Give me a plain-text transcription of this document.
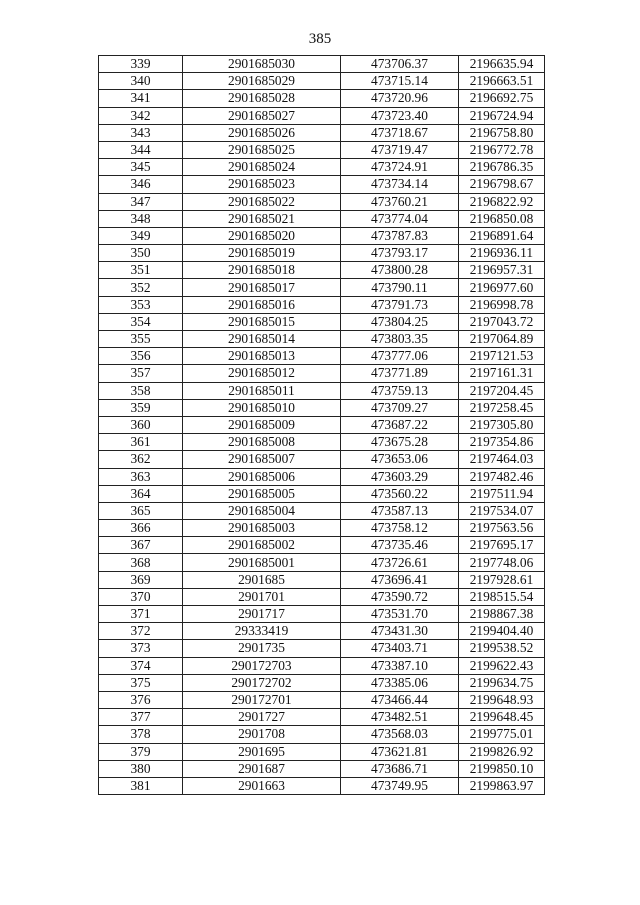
385
339	2901685030	473706.37	2196635.94
340	2901685029	473715.14	2196663.51
341	2901685028	473720.96	2196692.75
342	2901685027	473723.40	2196724.94
343	2901685026	473718.67	2196758.80
344	2901685025	473719.47	2196772.78
345	2901685024	473724.91	2196786.35
346	2901685023	473734.14	2196798.67
347	2901685022	473760.21	2196822.92
348	2901685021	473774.04	2196850.08
349	2901685020	473787.83	2196891.64
350	2901685019	473793.17	2196936.11
351	2901685018	473800.28	2196957.31
352	2901685017	473790.11	2196977.60
353	2901685016	473791.73	2196998.78
354	2901685015	473804.25	2197043.72
355	2901685014	473803.35	2197064.89
356	2901685013	473777.06	2197121.53
357	2901685012	473771.89	2197161.31
358	2901685011	473759.13	2197204.45
359	2901685010	473709.27	2197258.45
360	2901685009	473687.22	2197305.80
361	2901685008	473675.28	2197354.86
362	2901685007	473653.06	2197464.03
363	2901685006	473603.29	2197482.46
364	2901685005	473560.22	2197511.94
365	2901685004	473587.13	2197534.07
366	2901685003	473758.12	2197563.56
367	2901685002	473735.46	2197695.17
368	2901685001	473726.61	2197748.06
369	2901685	473696.41	2197928.61
370	2901701	473590.72	2198515.54
371	2901717	473531.70	2198867.38
372	29333419	473431.30	2199404.40
373	2901735	473403.71	2199538.52
374	290172703	473387.10	2199622.43
375	290172702	473385.06	2199634.75
376	290172701	473466.44	2199648.93
377	2901727	473482.51	2199648.45
378	2901708	473568.03	2199775.01
379	2901695	473621.81	2199826.92
380	2901687	473686.71	2199850.10
381	2901663	473749.95	2199863.97
